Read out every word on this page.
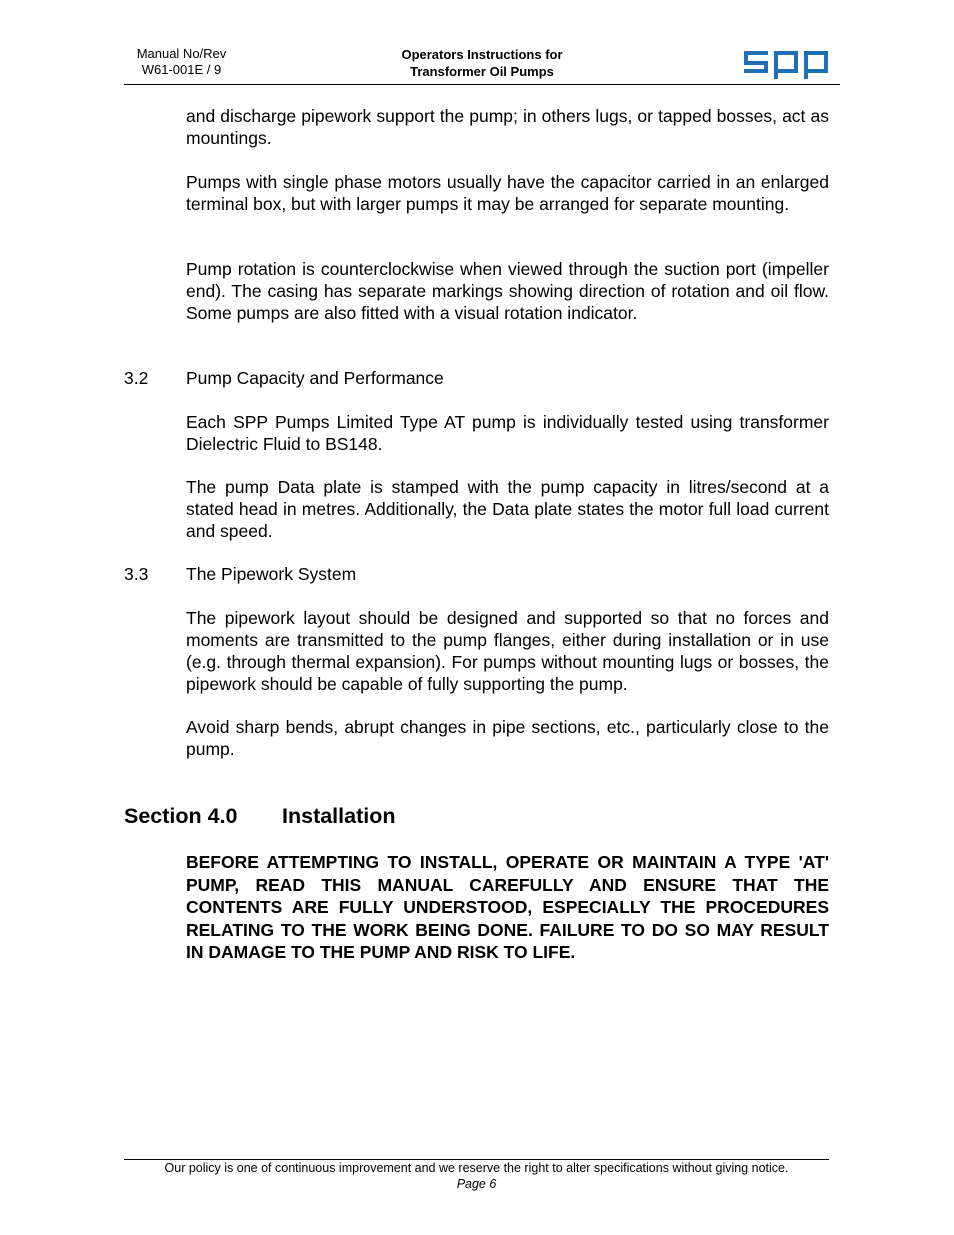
Manual No/Rev
W61-001E / 9
Operators Instructions for
Transformer Oil Pumps

and discharge pipework support the pump; in others lugs, or tapped bosses, act as mountings.

Pumps with single phase motors usually have the capacitor carried in an enlarged terminal box, but with larger pumps it may be arranged for separate mounting.

Pump rotation is counterclockwise when viewed through the suction port (impeller end). The casing has separate markings showing direction of rotation and oil flow. Some pumps are also fitted with a visual rotation indicator.

3.2 Pump Capacity and Performance

Each SPP Pumps Limited Type AT pump is individually tested using transformer Dielectric Fluid to BS148.

The pump Data plate is stamped with the pump capacity in litres/second at a stated head in metres. Additionally, the Data plate states the motor full load current and speed.

3.3 The Pipework System

The pipework layout should be designed and supported so that no forces and moments are transmitted to the pump flanges, either during installation or in use (e.g. through thermal expansion). For pumps without mounting lugs or bosses, the pipework should be capable of fully supporting the pump.

Avoid sharp bends, abrupt changes in pipe sections, etc., particularly close to the pump.

Section 4.0 Installation

BEFORE ATTEMPTING TO INSTALL, OPERATE OR MAINTAIN A TYPE 'AT' PUMP, READ THIS MANUAL CAREFULLY AND ENSURE THAT THE CONTENTS ARE FULLY UNDERSTOOD, ESPECIALLY THE PROCEDURES RELATING TO THE WORK BEING DONE. FAILURE TO DO SO MAY RESULT IN DAMAGE TO THE PUMP AND RISK TO LIFE.

Our policy is one of continuous improvement and we reserve the right to alter specifications without giving notice.
Page 6
